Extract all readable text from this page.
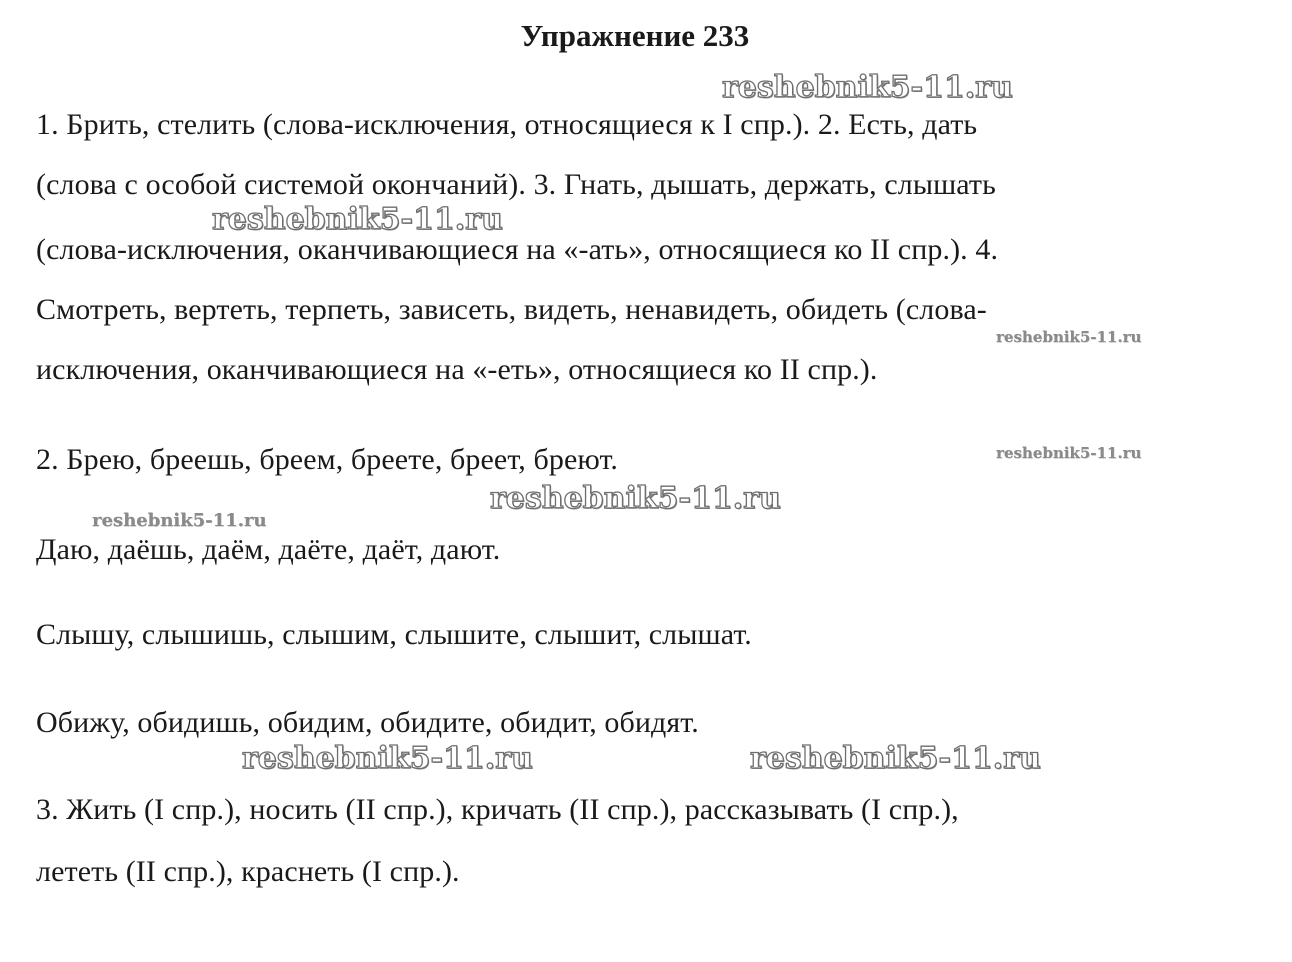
Упражнение 233
1. Брить, стелить (слова-исключения, относящиеся к I спр.). 2. Есть, дать
(слова с особой системой окончаний). 3. Гнать, дышать, держать, слышать
(слова-исключения, оканчивающиеся на «-ать», относящиеся ко II спр.). 4.
Смотреть, вертеть, терпеть, зависеть, видеть, ненавидеть, обидеть (слова-
исключения, оканчивающиеся на «-еть», относящиеся ко II спр.).
2. Брею, бреешь, бреем, бреете, бреет, бреют.
Даю, даёшь, даём, даёте, даёт, дают.
Слышу, слышишь, слышим, слышите, слышит, слышат.
Обижу, обидишь, обидим, обидите, обидит, обидят.
3. Жить (I спр.), носить (II спр.), кричать (II спр.), рассказывать (I спр.),
лететь (II спр.), краснеть (I спр.).
reshebnik5-11.ru
reshebnik5-11.ru
reshebnik5-11.ru
reshebnik5-11.ru
reshebnik5-11.ru
reshebnik5-11.ru
reshebnik5-11.ru	reshebnik5-11.ru
